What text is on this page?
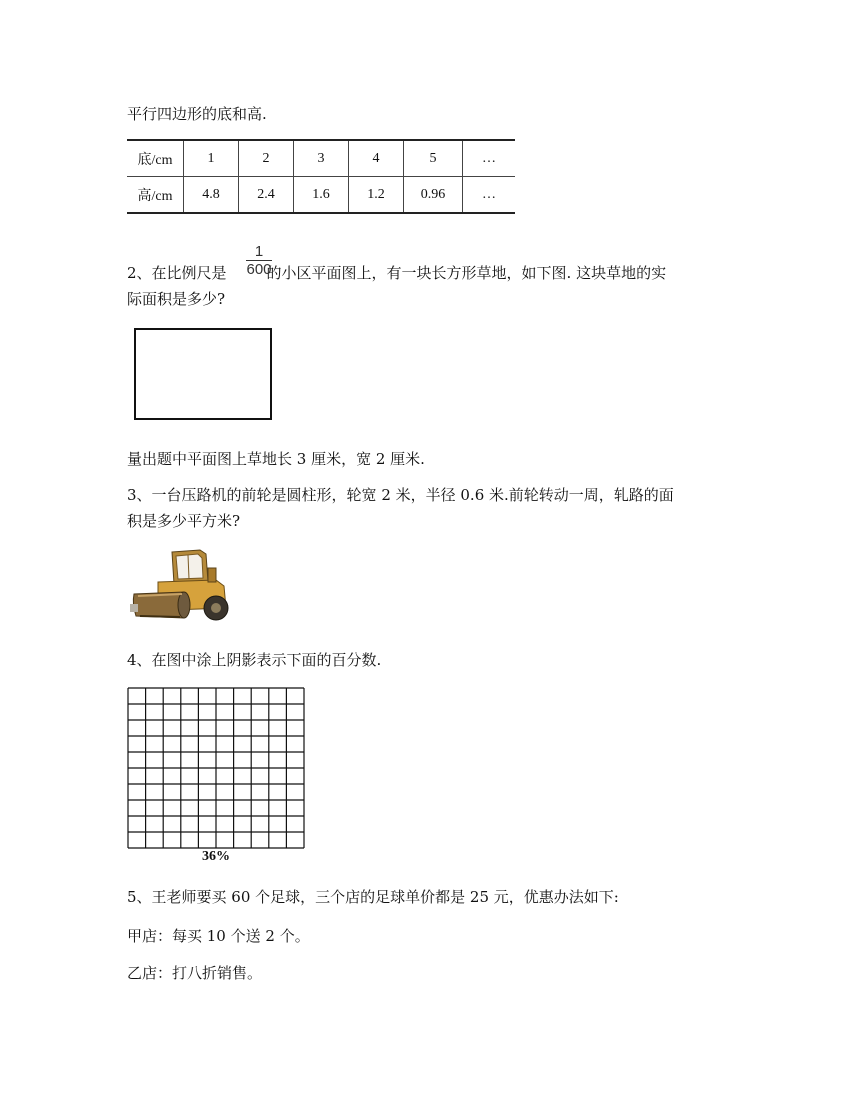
平行四边形的底和高.
底/cm	1	2	3	4	5	…
高/cm	4.8	2.4	1.6	1.2	0.96	…
2、在比例尺是	的小区平面图上，有一块长方形草地，如下图. 这块草地的实
1
600
际面积是多少?
量出题中平面图上草地长 3 厘米，宽 2 厘米.
3、一台压路机的前轮是圆柱形，轮宽 2 米，半径 0.6 米.前轮转动一周，轧路的面
积是多少平方米?
4、在图中涂上阴影表示下面的百分数.
36%
5、王老师要买 60 个足球，三个店的足球单价都是 25 元，优惠办法如下:
甲店：每买 10 个送 2 个。
乙店：打八折销售。
